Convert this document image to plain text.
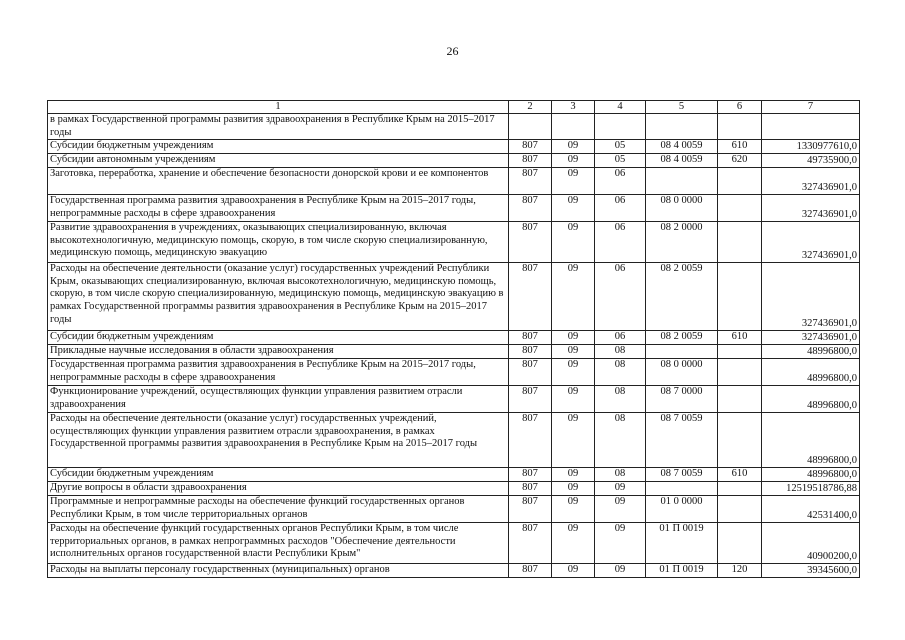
26
1	2	3	4	5	6	7
в рамках Государственной программы развития здравоохранения в Республике Крым на 2015–2017 годы						
Субсидии бюджетным учреждениям	807	09	05	08 4 0059	610	1330977610,0
Субсидии автономным учреждениям	807	09	05	08 4 0059	620	49735900,0
Заготовка, переработка, хранение и обеспечение безопасности донорской крови и ее компонентов	807	09	06			327436901,0
Государственная программа развития здравоохранения в Республике Крым на 2015–2017 годы, непрограммные расходы в сфере здравоохранения	807	09	06	08 0 0000		327436901,0
Развитие здравоохранения в учреждениях, оказывающих специализированную, включая высокотехнологичную, медицинскую помощь, скорую, в том числе скорую специализированную, медицинскую помощь, медицинскую эвакуацию	807	09	06	08 2 0000		327436901,0
Расходы на обеспечение деятельности (оказание услуг) государственных учреждений Республики Крым, оказывающих специализированную, включая высокотехнологичную, медицинскую помощь, скорую, в том числе скорую специализированную, медицинскую помощь, медицинскую эвакуацию в рамках Государственной программы развития здравоохранения в Республике Крым на 2015–2017 годы	807	09	06	08 2 0059		327436901,0
Субсидии бюджетным учреждениям	807	09	06	08 2 0059	610	327436901,0
Прикладные научные исследования в области здравоохранения	807	09	08			48996800,0
Государственная программа развития здравоохранения в Республике Крым на 2015–2017 годы, непрограммные расходы в сфере здравоохранения	807	09	08	08 0 0000		48996800,0
Функционирование учреждений, осуществляющих функции управления развитием отрасли здравоохранения	807	09	08	08 7 0000		48996800,0
Расходы на обеспечение деятельности (оказание услуг) государственных учреждений, осуществляющих функции управления развитием отрасли здравоохранения, в рамках Государственной программы развития здравоохранения в Республике Крым на 2015–2017 годы	807	09	08	08 7 0059		48996800,0
Субсидии бюджетным учреждениям	807	09	08	08 7 0059	610	48996800,0
Другие вопросы в области здравоохранения	807	09	09			12519518786,88
Программные и непрограммные расходы на обеспечение функций государственных органов Республики Крым, в том числе территориальных органов	807	09	09	01 0 0000		42531400,0
Расходы на обеспечение функций государственных органов Республики Крым, в том числе территориальных органов, в рамках непрограммных расходов "Обеспечение деятельности исполнительных органов государственной власти Республики Крым"	807	09	09	01 П 0019		40900200,0
Расходы на выплаты персоналу государственных (муниципальных) органов	807	09	09	01 П 0019	120	39345600,0
